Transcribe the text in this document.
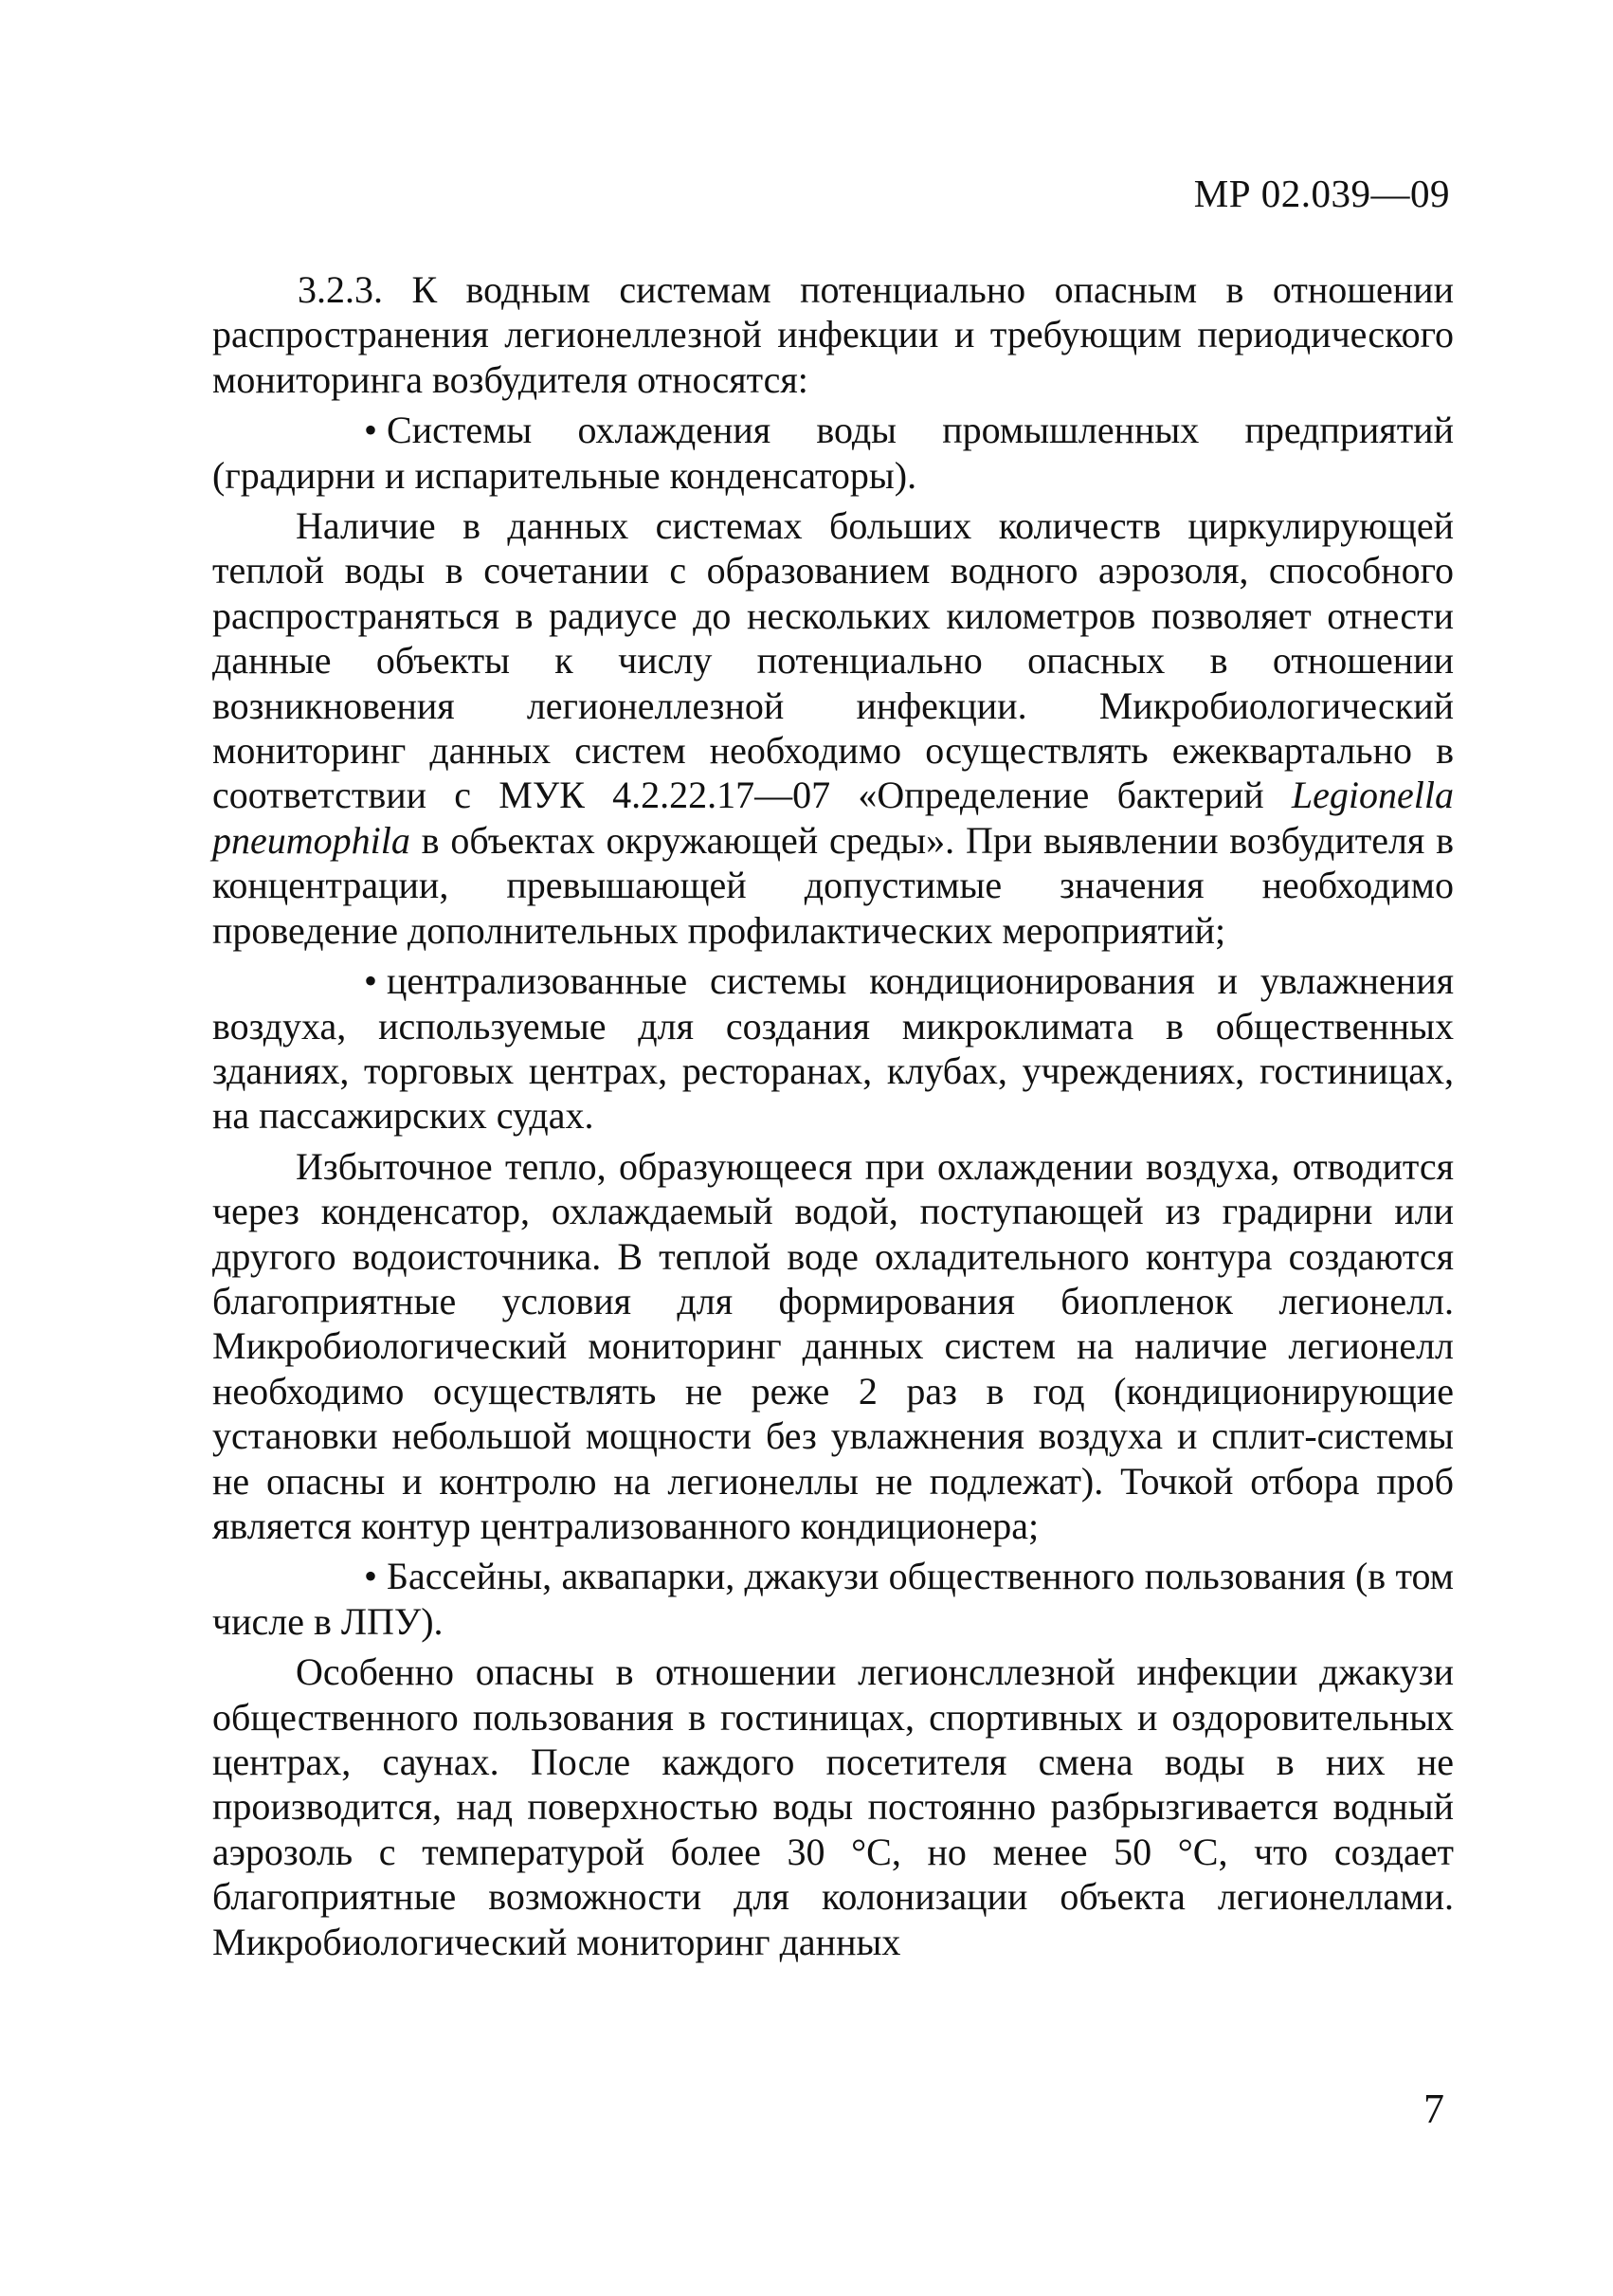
МР 02.039—09

3.2.3. К водным системам потенциально опасным в отношении распространения легионеллезной инфекции и требующим периодического мониторинга возбудителя относятся:

• Системы охлаждения воды промышленных предприятий (градирни и испарительные конденсаторы).

Наличие в данных системах больших количеств циркулирующей теплой воды в сочетании с образованием водного аэрозоля, способного распространяться в радиусе до нескольких километров позволяет отнести данные объекты к числу потенциально опасных в отношении возникновения легионеллезной инфекции. Микробиологический мониторинг данных систем необходимо осуществлять ежеквартально в соответствии с МУК 4.2.22.17—07 «Определение бактерий Legionella pneumophila в объектах окружающей среды». При выявлении возбудителя в концентрации, превышающей допустимые значения необходимо проведение дополнительных профилактических мероприятий;

• централизованные системы кондиционирования и увлажнения воздуха, используемые для создания микроклимата в общественных зданиях, торговых центрах, ресторанах, клубах, учреждениях, гостиницах, на пассажирских судах.

Избыточное тепло, образующееся при охлаждении воздуха, отводится через конденсатор, охлаждаемый водой, поступающей из градирни или другого водоисточника. В теплой воде охладительного контура создаются благоприятные условия для формирования биопленок легионелл. Микробиологический мониторинг данных систем на наличие легионелл необходимо осуществлять не реже 2 раз в год (кондиционирующие установки небольшой мощности без увлажнения воздуха и сплит-системы не опасны и контролю на легионеллы не подлежат). Точкой отбора проб является контур централизованного кондиционера;

• Бассейны, аквапарки, джакузи общественного пользования (в том числе в ЛПУ).

Особенно опасны в отношении легионсллезной инфекции джакузи общественного пользования в гостиницах, спортивных и оздоровительных центрах, саунах. После каждого посетителя смена воды в них не производится, над поверхностью воды постоянно разбрызгивается водный аэрозоль с температурой более 30 °С, но менее 50 °С, что создает благоприятные возможности для колонизации объекта легионеллами. Микробиологический мониторинг данных

7
